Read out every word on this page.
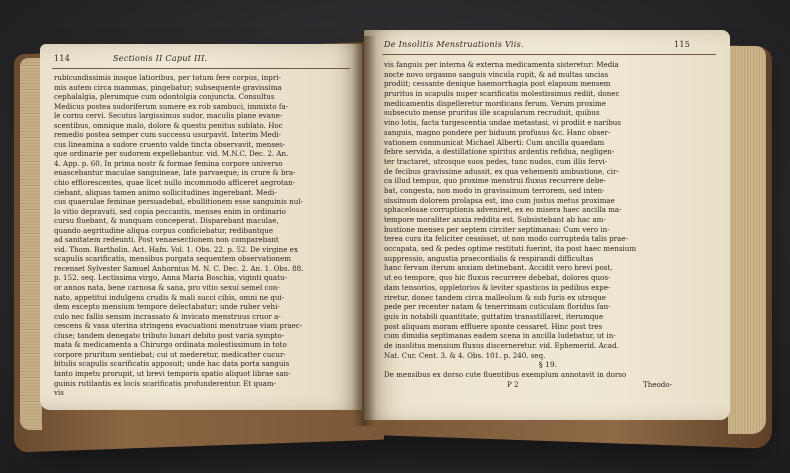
114	Sectionis II Caput III.
rubicundissimis insque latioribus, per totum fere corpus, inpri-
mis autem circa mammas, pingebatur; subsequente gravissima
cephalalgia, plerumque cum odontolgia conjuncta. Consultus
Medicus postea sudoriferum sumere ex rob sambuci, immixto fa-
le cornu cervi. Secutus largissimus sudor, maculis plane evane-
scentibus, omnique malo, dolore & questu penitus sublato. Hoc
remedio postea semper cum successu usurpavit. Interim Medi-
cus lineamina a sudore cruento valde tincta observavit, menses-
que ordinarie per sudorem expellebantur. vid. M.N.C. Dec. 2. An.
4. App. p. 60. In prima nostr & formae femina corpore universo
enascebantur maculae sanguineae, late parvaeque; in crure & bra-
chio efflorescentes, quae licet nullo incommodo afficeret aegrotan-
ciebant, aliquas tamen animo sollicitudines ingerebant. Medi-
cus quaerulae feminae persuadebat, ebullitionem esse sanguinis nul-
lo vitio depravati, sed copia peccantis, menses enim in ordinario
cursu fluebant, & nunquam conceperat. Disparebant maculae,
quando aegritudine aliqua corpus conficiebatur, redibantque
ad sanitatem redeunti. Post venaesectionem non comparebant
vid. Thom. Bartholin. Act. Hafn. Vol. 1. Obs. 22. p. 52. De virgine ex
scapulis scarificatis, mensibus purgata sequentem observationem
recenset Sylvester Samuel Anhornius M. N. C. Dec. 2. An. 1. Obs. 88.
p. 152. seq. Lectissima virgo, Anna Maria Boschia, viginti quatu-
or annos nata, bene carnosa & sana, pro vitio sexui semel con-
nato, appetitui indulgens crudis & mali succi cibis, omni ne qui-
dem excepto mensium tempore delectabatur; unde ruber vehi-
culo nec fallis sensim incrassato & invicato menstruus cruor a-
cescens & vasa uterina stringens evacuationi menstruae viam praec-
cluse; tandem denegato tributo lunari debito post varia sympto-
mata & medicamenta a Chirurgo ordinata molestissimum in toto
corpore pruritum sentiebat; cui ut mederetur, medicatter cucur-
bitulis scapulis scarificatis apposuit; unde hac data porta sanguis
tanto impetu prorupit, ut brevi temporis spatio aliquot librae san-
guinis rutilantis ex locis scarificatis profunderentur. Et quam-
vis
De Insolitis Menstruationis Viis.	115
vis fanguis per interna & externa medicamenta sisteretur: Media
nocte novo orgasmo sanguis vincula rupit, & ad multas uncias
prodiit; cessante denique haemorrhagia post elapsum mensem
pruritus in scapulis nuper scarificatis molestissimus rediit, donec
medicamentis dispelleretur mordicans ferum. Verum proxime
subsecuto mense pruritus ille scapularum recruduit, quibus
vino lotis, facta turgescentia undae metastasi, vi prodiit e naribus
sanguis, magno pondere per biduum profusus &c. Hanc obser-
vationem communicat Michael Alberti: Cum ancilla quaedam
febre servida, a destillatione spiritus ardentis refidua, negligen-
ter tractaret, utrosque suos pedes, tunc nudos, cum illis fervi-
de fecibus gravissime adussit, ex qua vehementi ambustione, cir-
ca illud tempus, quo proxime menstrui fluxus recurrere debe-
bat, congesta, non modo in gravissimum terrorem, sed inten-
sissimum dolorem prolapsa est, imo cum justus metus proximae
sphacelosae corruptionis adveniret, ex eo misera haec ancilla ma-
tempore moraliter anxia reddita est. Subsistebant ab hac am-
bustione menses per septem circiter septimanas: Cum vero in-
terea cura ita feliciter cessisset, ut non modo corrupteda talis prae-
occupata, sed & pedes optime restituti fuerint, ita post haec mensium
suppressio, angustia praecordialis & respirandi difficultas
hanc fervam iterum anxiam detinebant. Accidit vero brevi post,
ut eo tempore, quo hic fluxus recurrere debebat, dolores quos-
dam tensorios, oppletorios & leviter spasticos in pedibus expe-
riretur, donec tandem circa malleolum & sub furis ex utroque
pede per recenter natam & tenerrimam cuticulam floridus fan-
guis in notabili quantitate, guttatim transstillaret, iterumque
post aliquam moram effluere sponte cessaret. Hinc post tres
cum dimidia septimanas eadem scena in ancilla ludebatur, ut in-
de insolitus mensium fluxus discerneretur. vid. Ephemerid. Acad.
Nat. Cur. Cent. 3. & 4. Obs. 101. p. 240. seq.
§ 19.
De mensibus ex dorso cute fluentibus exemplum annotavit in dorso
P 2	Theodo-
